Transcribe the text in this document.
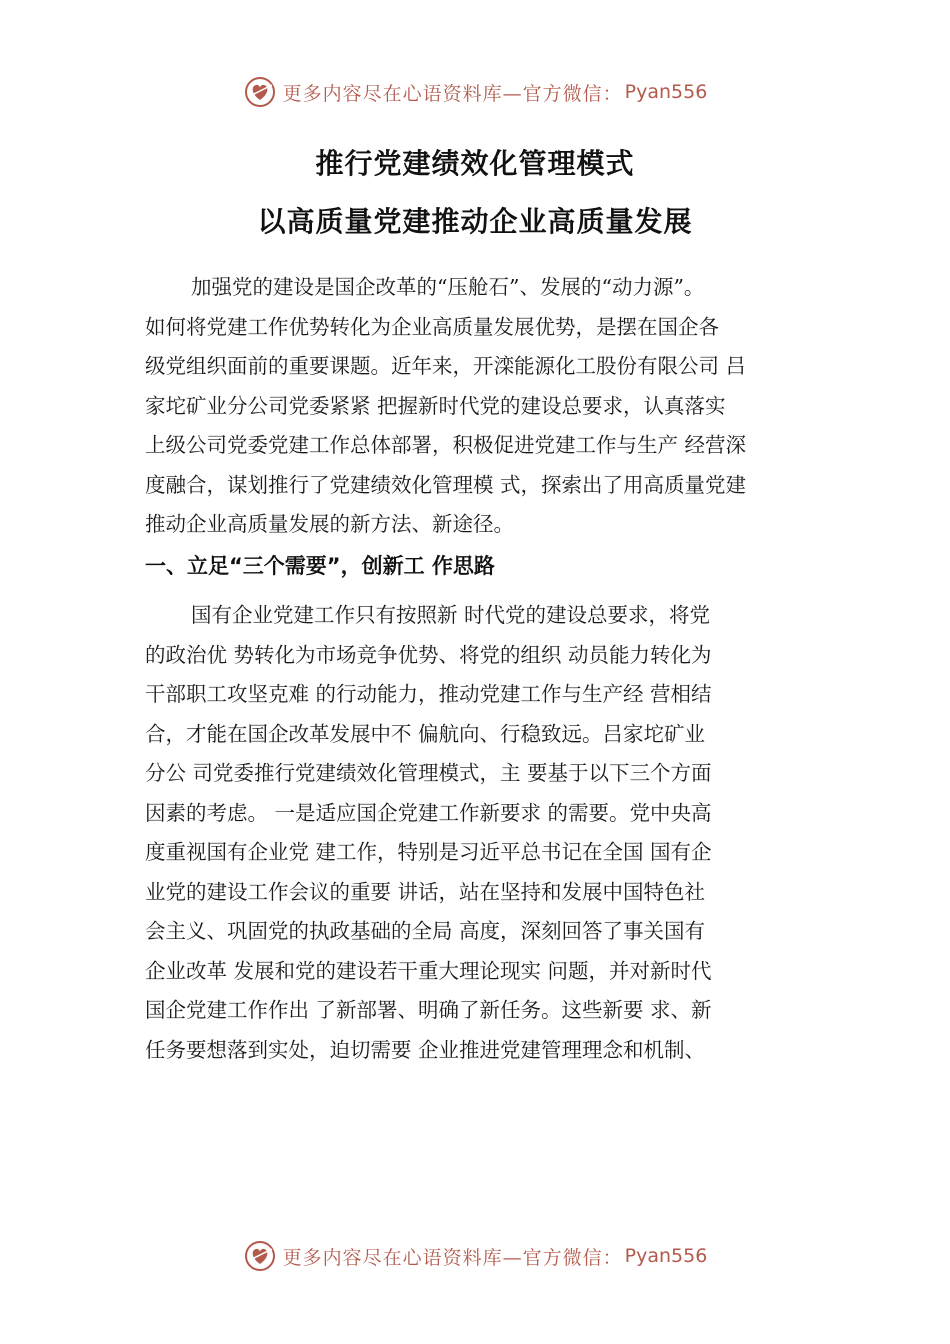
更多内容尽在心语资料库—官方微信： Pyan556
推行党建绩效化管理模式
以高质量党建推动企业高质量发展
加强党的建设是国企改革的“压舱石”、发展的“动力源”。
如何将党建工作优势转化为企业高质量发展优势，是摆在国企各
级党组织面前的重要课题。近年来，开滦能源化工股份有限公司 吕
家坨矿业分公司党委紧紧 把握新时代党的建设总要求，认真落实
上级公司党委党建工作总体部署，积极促进党建工作与生产 经营深
度融合，谋划推行了党建绩效化管理模 式，探索出了用高质量党建
推动企业高质量发展的新方法、新途径。
一、立足“三个需要”，创新工 作思路
国有企业党建工作只有按照新 时代党的建设总要求，将党
的政治优 势转化为市场竞争优势、将党的组织 动员能力转化为
干部职工攻坚克难 的行动能力，推动党建工作与生产经 营相结
合，才能在国企改革发展中不 偏航向、行稳致远。吕家坨矿业
分公 司党委推行党建绩效化管理模式，主 要基于以下三个方面
因素的考虑。 一是适应国企党建工作新要求 的需要。党中央高
度重视国有企业党 建工作，特别是习近平总书记在全国 国有企
业党的建设工作会议的重要 讲话，站在坚持和发展中国特色社
会主义、巩固党的执政基础的全局 高度，深刻回答了事关国有
企业改革 发展和党的建设若干重大理论现实 问题，并对新时代
国企党建工作作出 了新部署、明确了新任务。这些新要 求、新
任务要想落到实处，迫切需要 企业推进党建管理理念和机制、
更多内容尽在心语资料库—官方微信： Pyan556
